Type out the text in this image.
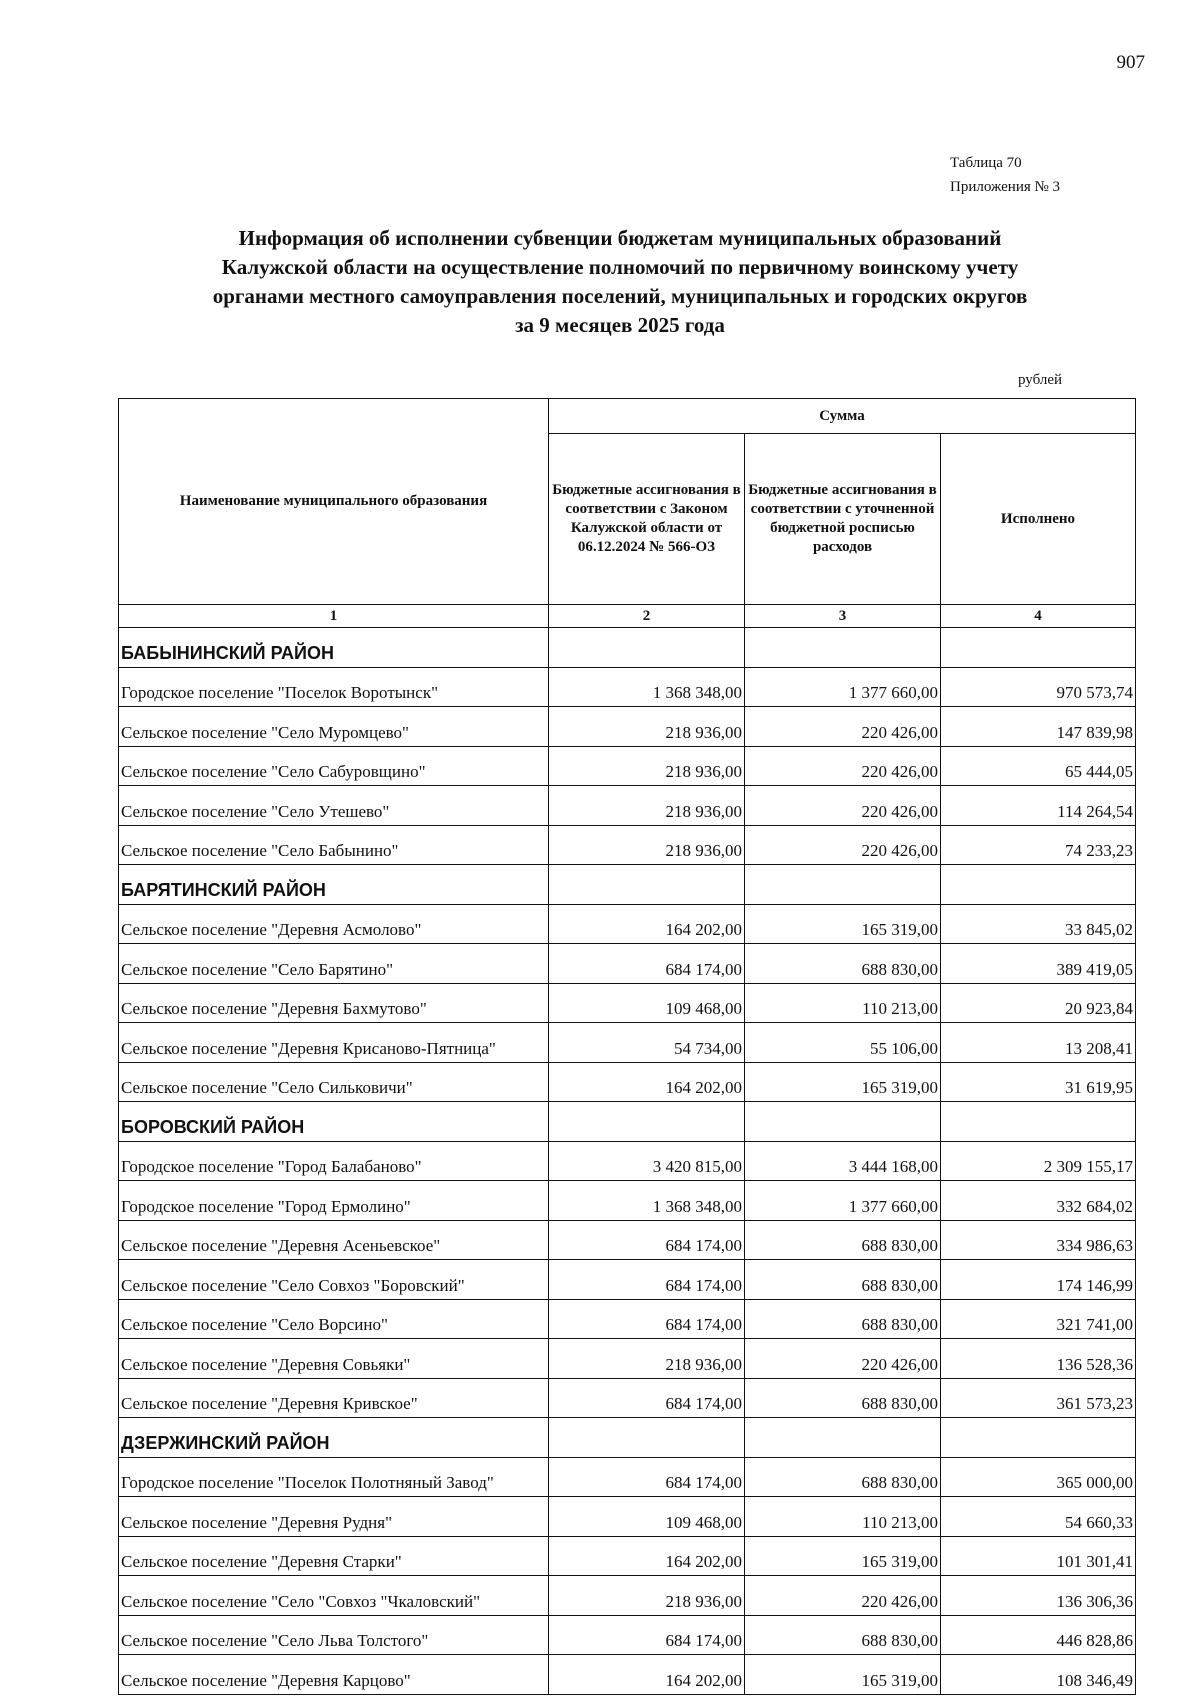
907
Таблица 70
Приложения № 3
Информация об исполнении субвенции бюджетам муниципальных образований
Калужской области на осуществление полномочий по первичному воинскому учету
органами местного самоуправления поселений, муниципальных и городских округов
за 9 месяцев 2025 года
рублей
Наименование муниципального образования	Сумма		
	Бюджетные ассигнования в соответствии с Законом Калужской области от 06.12.2024 № 566-ОЗ	Бюджетные ассигнования в соответствии с уточненной бюджетной росписью расходов	Исполнено
1	2	3	4
БАБЫНИНСКИЙ РАЙОН			
Городское поселение "Поселок Воротынск"	1 368 348,00	1 377 660,00	970 573,74
Сельское поселение "Село Муромцево"	218 936,00	220 426,00	147 839,98
Сельское поселение "Село Сабуровщино"	218 936,00	220 426,00	65 444,05
Сельское поселение "Село Утешево"	218 936,00	220 426,00	114 264,54
Сельское поселение "Село Бабынино"	218 936,00	220 426,00	74 233,23
БАРЯТИНСКИЙ РАЙОН			
Сельское поселение "Деревня Асмолово"	164 202,00	165 319,00	33 845,02
Сельское поселение "Село Барятино"	684 174,00	688 830,00	389 419,05
Сельское поселение "Деревня Бахмутово"	109 468,00	110 213,00	20 923,84
Сельское поселение "Деревня Крисаново-Пятница"	54 734,00	55 106,00	13 208,41
Сельское поселение "Село Сильковичи"	164 202,00	165 319,00	31 619,95
БОРОВСКИЙ РАЙОН			
Городское поселение "Город Балабаново"	3 420 815,00	3 444 168,00	2 309 155,17
Городское поселение "Город Ермолино"	1 368 348,00	1 377 660,00	332 684,02
Сельское поселение "Деревня Асеньевское"	684 174,00	688 830,00	334 986,63
Сельское поселение "Село Совхоз "Боровский"	684 174,00	688 830,00	174 146,99
Сельское поселение "Село Ворсино"	684 174,00	688 830,00	321 741,00
Сельское поселение "Деревня Совьяки"	218 936,00	220 426,00	136 528,36
Сельское поселение "Деревня Кривское"	684 174,00	688 830,00	361 573,23
ДЗЕРЖИНСКИЙ РАЙОН			
Городское поселение "Поселок Полотняный Завод"	684 174,00	688 830,00	365 000,00
Сельское поселение "Деревня Рудня"	109 468,00	110 213,00	54 660,33
Сельское поселение "Деревня Старки"	164 202,00	165 319,00	101 301,41
Сельское поселение "Село "Совхоз "Чкаловский"	218 936,00	220 426,00	136 306,36
Сельское поселение "Село Льва Толстого"	684 174,00	688 830,00	446 828,86
Сельское поселение "Деревня Карцово"	164 202,00	165 319,00	108 346,49
